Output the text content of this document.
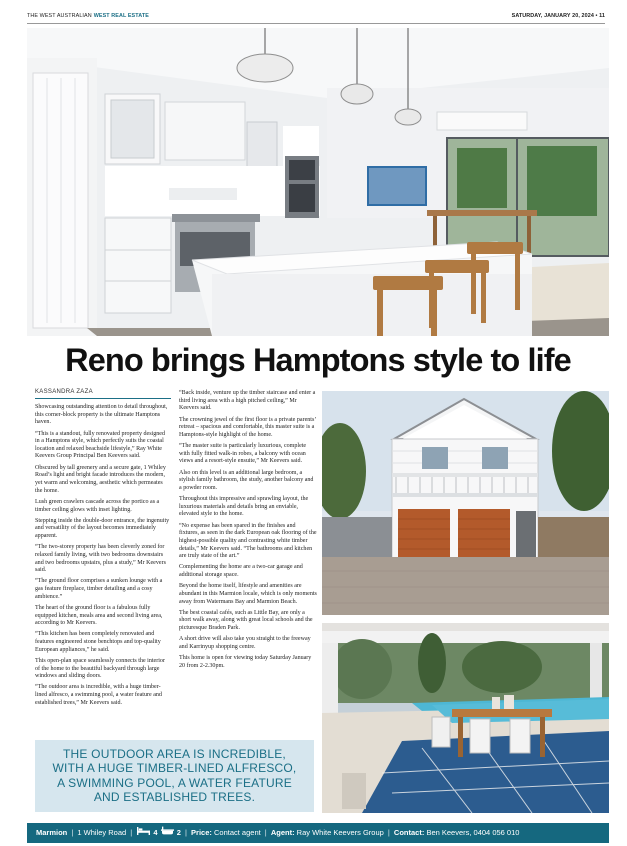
THE WEST AUSTRALIAN WEST REAL ESTATE	SATURDAY, JANUARY 20, 2024 • 11
Reno brings Hamptons style to life
KASSANDRA ZAZA

Showcasing outstanding attention to detail throughout, this corner-block property is the ultimate Hamptons haven.

“This is a standout, fully renovated property designed in a Hamptons style, which perfectly suits the coastal location and relaxed beachside lifestyle,” Ray White Keevers Group Principal Ben Keevers said.

Obscured by tall greenery and a secure gate, 1 Whiley Road’s light and bright facade introduces the modern, yet warm and welcoming, aesthetic which permeates the home.

Lush green crawlers cascade across the portico as a timber ceiling glows with inset lighting.

Stepping inside the double-door entrance, the ingenuity and versatility of the layout becomes immediately apparent.

“The two-storey property has been cleverly zoned for relaxed family living, with two bedrooms downstairs and two bedrooms upstairs, plus a study,” Mr Keevers said.

“The ground floor comprises a sunken lounge with a gas feature fireplace, timber detailing and a cosy ambience.”

The heart of the ground floor is a fabulous fully equipped kitchen, meals area and second living area, according to Mr Keevers.

“This kitchen has been completely renovated and features engineered stone benchtops and top-quality European appliances,” he said.

This open-plan space seamlessly connects the interior of the home to the beautiful backyard through large windows and sliding doors.

“The outdoor area is incredible, with a huge timber-lined alfresco, a swimming pool, a water feature and established trees,” Mr Keevers said.

“Back inside, venture up the timber staircase and enter a third living area with a high pitched ceiling,” Mr Keevers said.

The crowning jewel of the first floor is a private parents’ retreat – spacious and comfortable, this master suite is a Hamptons-style highlight of the home.

“The master suite is particularly luxurious, complete with fully fitted walk-in robes, a balcony with ocean views and a resort-style ensuite,” Mr Keevers said.

Also on this level is an additional large bedroom, a stylish family bathroom, the study, another balcony and a powder room.

Throughout this impressive and sprawling layout, the luxurious materials and details bring an enviable, elevated style to the home.

“No expense has been spared in the finishes and fixtures, as seen in the dark European oak flooring of the highest-possible quality and contrasting white timber details,” Mr Keevers said. “The bathrooms and kitchen are truly state of the art.”

Complementing the home are a two-car garage and additional storage space.

Beyond the home itself, lifestyle and amenities are abundant in this Marmion locale, which is only moments away from Watermans Bay and Marmion Beach.

The best coastal cafés, such as Little Bay, are only a short walk away, along with great local schools and the picturesque Braden Park.

A short drive will also take you straight to the freeway and Karrinyup shopping centre.

This home is open for viewing today Saturday January 20 from 2-2.30pm.

THE OUTDOOR AREA IS INCREDIBLE,
WITH A HUGE TIMBER-LINED ALFRESCO,
A SWIMMING POOL, A WATER FEATURE
AND ESTABLISHED TREES.
Marmion | 1 Whiley Road |	4	2 | Price: Contact agent | Agent: Ray White Keevers Group | Contact: Ben Keevers, 0404 056 010
